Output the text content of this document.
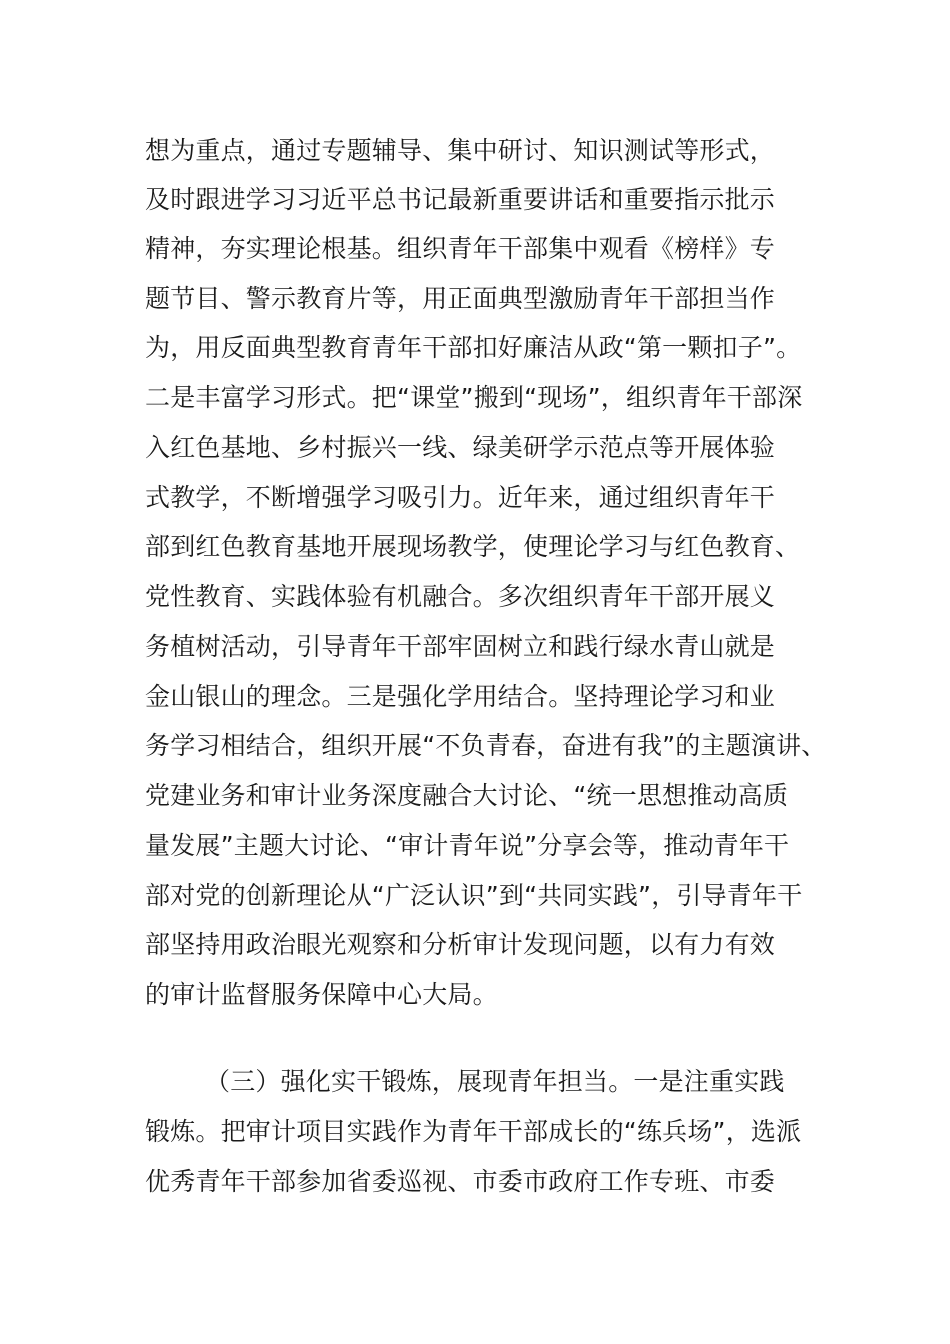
想为重点，通过专题辅导、集中研讨、知识测试等形式，
及时跟进学习习近平总书记最新重要讲话和重要指示批示
精神，夯实理论根基。组织青年干部集中观看《榜样》专
题节目、警示教育片等，用正面典型激励青年干部担当作
为，用反面典型教育青年干部扣好廉洁从政“第一颗扣子”。
二是丰富学习形式。把“课堂”搬到“现场”，组织青年干部深
入红色基地、乡村振兴一线、绿美研学示范点等开展体验
式教学，不断增强学习吸引力。近年来，通过组织青年干
部到红色教育基地开展现场教学，使理论学习与红色教育、
党性教育、实践体验有机融合。多次组织青年干部开展义
务植树活动，引导青年干部牢固树立和践行绿水青山就是
金山银山的理念。三是强化学用结合。坚持理论学习和业
务学习相结合，组织开展“不负青春，奋进有我”的主题演讲、
党建业务和审计业务深度融合大讨论、“统一思想推动高质
量发展”主题大讨论、“审计青年说”分享会等，推动青年干
部对党的创新理论从“广泛认识”到“共同实践”，引导青年干
部坚持用政治眼光观察和分析审计发现问题，以有力有效
的审计监督服务保障中心大局。
（三）强化实干锻炼，展现青年担当。一是注重实践
锻炼。把审计项目实践作为青年干部成长的“练兵场”，选派
优秀青年干部参加省委巡视、市委市政府工作专班、市委
